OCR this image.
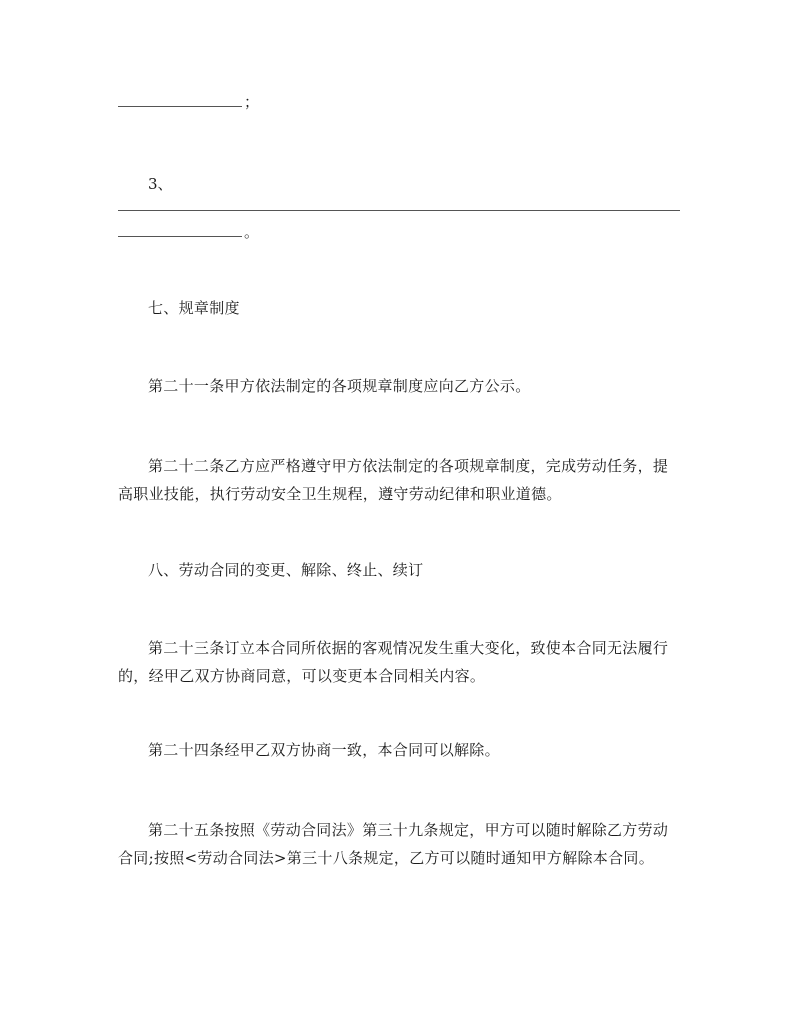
；
3、
。
七、规章制度
第二十一条甲方依法制定的各项规章制度应向乙方公示。
第二十二条乙方应严格遵守甲方依法制定的各项规章制度，完成劳动任务，提高职业技能，执行劳动安全卫生规程，遵守劳动纪律和职业道德。
八、劳动合同的变更、解除、终止、续订
第二十三条订立本合同所依据的客观情况发生重大变化，致使本合同无法履行的，经甲乙双方协商同意，可以变更本合同相关内容。
第二十四条经甲乙双方协商一致，本合同可以解除。
第二十五条按照《劳动合同法》第三十九条规定，甲方可以随时解除乙方劳动合同;按照<劳动合同法>第三十八条规定，乙方可以随时通知甲方解除本合同。
